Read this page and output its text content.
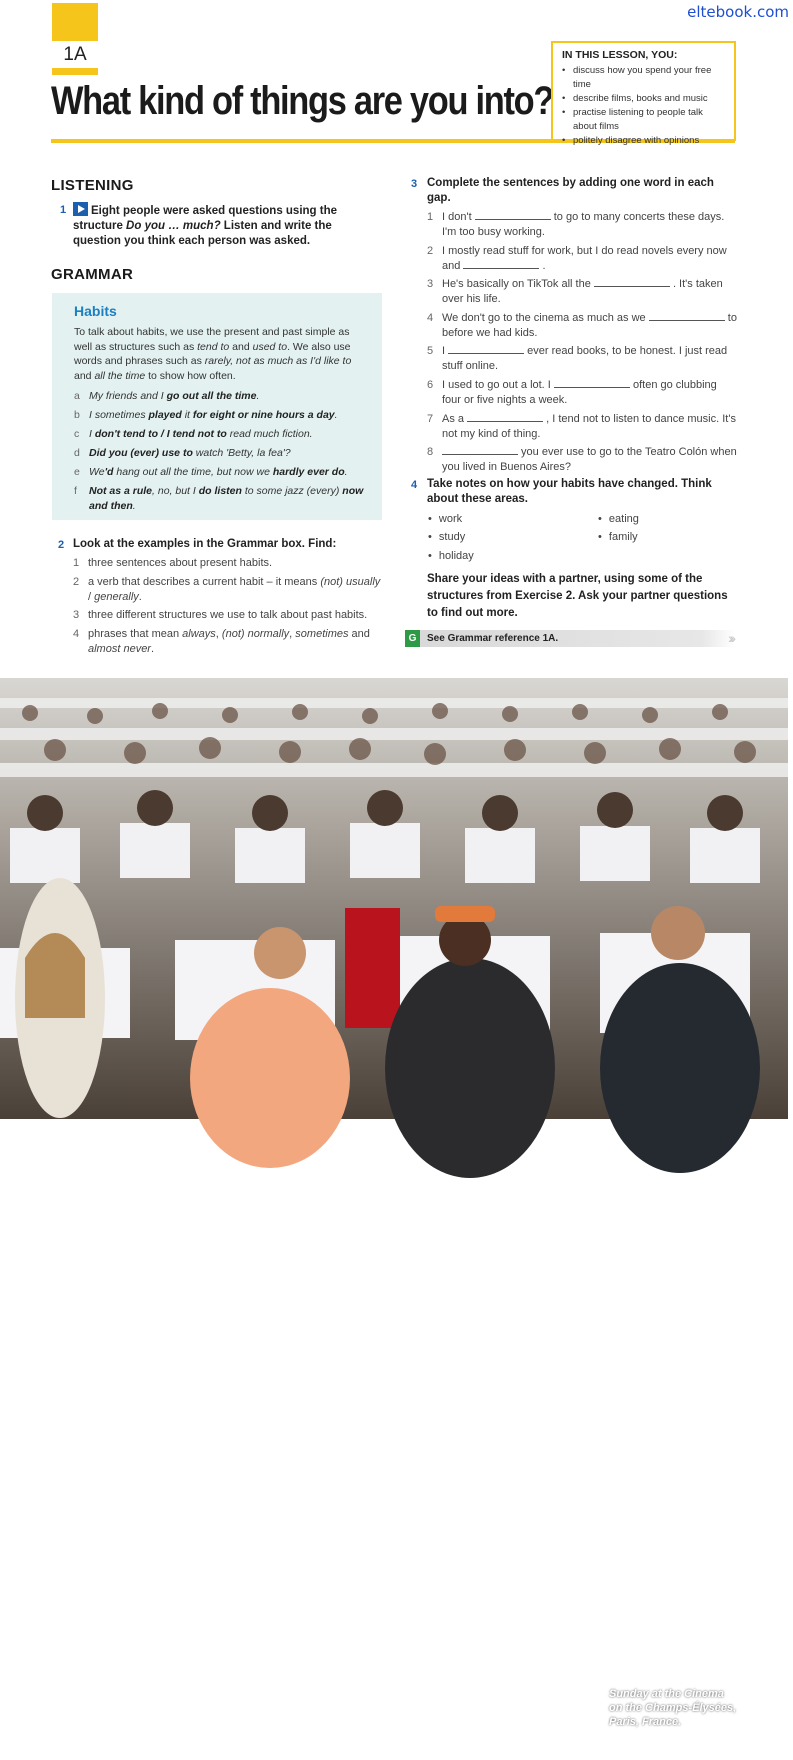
eltebook.com
1A
What kind of things are you into?
IN THIS LESSON, YOU:
• discuss how you spend your free time
• describe films, books and music
• practise listening to people talk about films
• politely disagree with opinions
LISTENING
1	Eight people were asked questions using the structure Do you … much? Listen and write the question you think each person was asked.
GRAMMAR
Habits
To talk about habits, we use the present and past simple as well as structures such as tend to and used to. We also use words and phrases such as rarely, not as much as I'd like to and all the time to show how often.
a My friends and I go out all the time.
b I sometimes played it for eight or nine hours a day.
c I don't tend to / I tend not to read much fiction.
d Did you (ever) use to watch 'Betty, la fea'?
e We'd hang out all the time, but now we hardly ever do.
f Not as a rule, no, but I do listen to some jazz (every) now and then.
2 Look at the examples in the Grammar box. Find:
1 three sentences about present habits.
2 a verb that describes a current habit – it means (not) usually / generally.
3 three different structures we use to talk about past habits.
4 phrases that mean always, (not) normally, sometimes and almost never.
3 Complete the sentences by adding one word in each gap.
1 I don't	to go to many concerts these days. I'm too busy working.
2 I mostly read stuff for work, but I do read novels every now and	.
3 He's basically on TikTok all the	. It's taken over his life.
4 We don't go to the cinema as much as we	to before we had kids.
5 I	ever read books, to be honest. I just read stuff online.
6 I used to go out a lot. I	often go clubbing four or five nights a week.
7 As a	, I tend not to listen to dance music. It's not my kind of thing.
8	you ever use to go to the Teatro Colón when you lived in Buenos Aires?
4 Take notes on how your habits have changed. Think about these areas.
• work
• study
• holiday
• eating
• family
Share your ideas with a partner, using some of the structures from Exercise 2. Ask your partner questions to find out more.
G	See Grammar reference 1A.	›››
Sunday at the Cinema
on the Champs-Élysées,
Paris, France.
8
